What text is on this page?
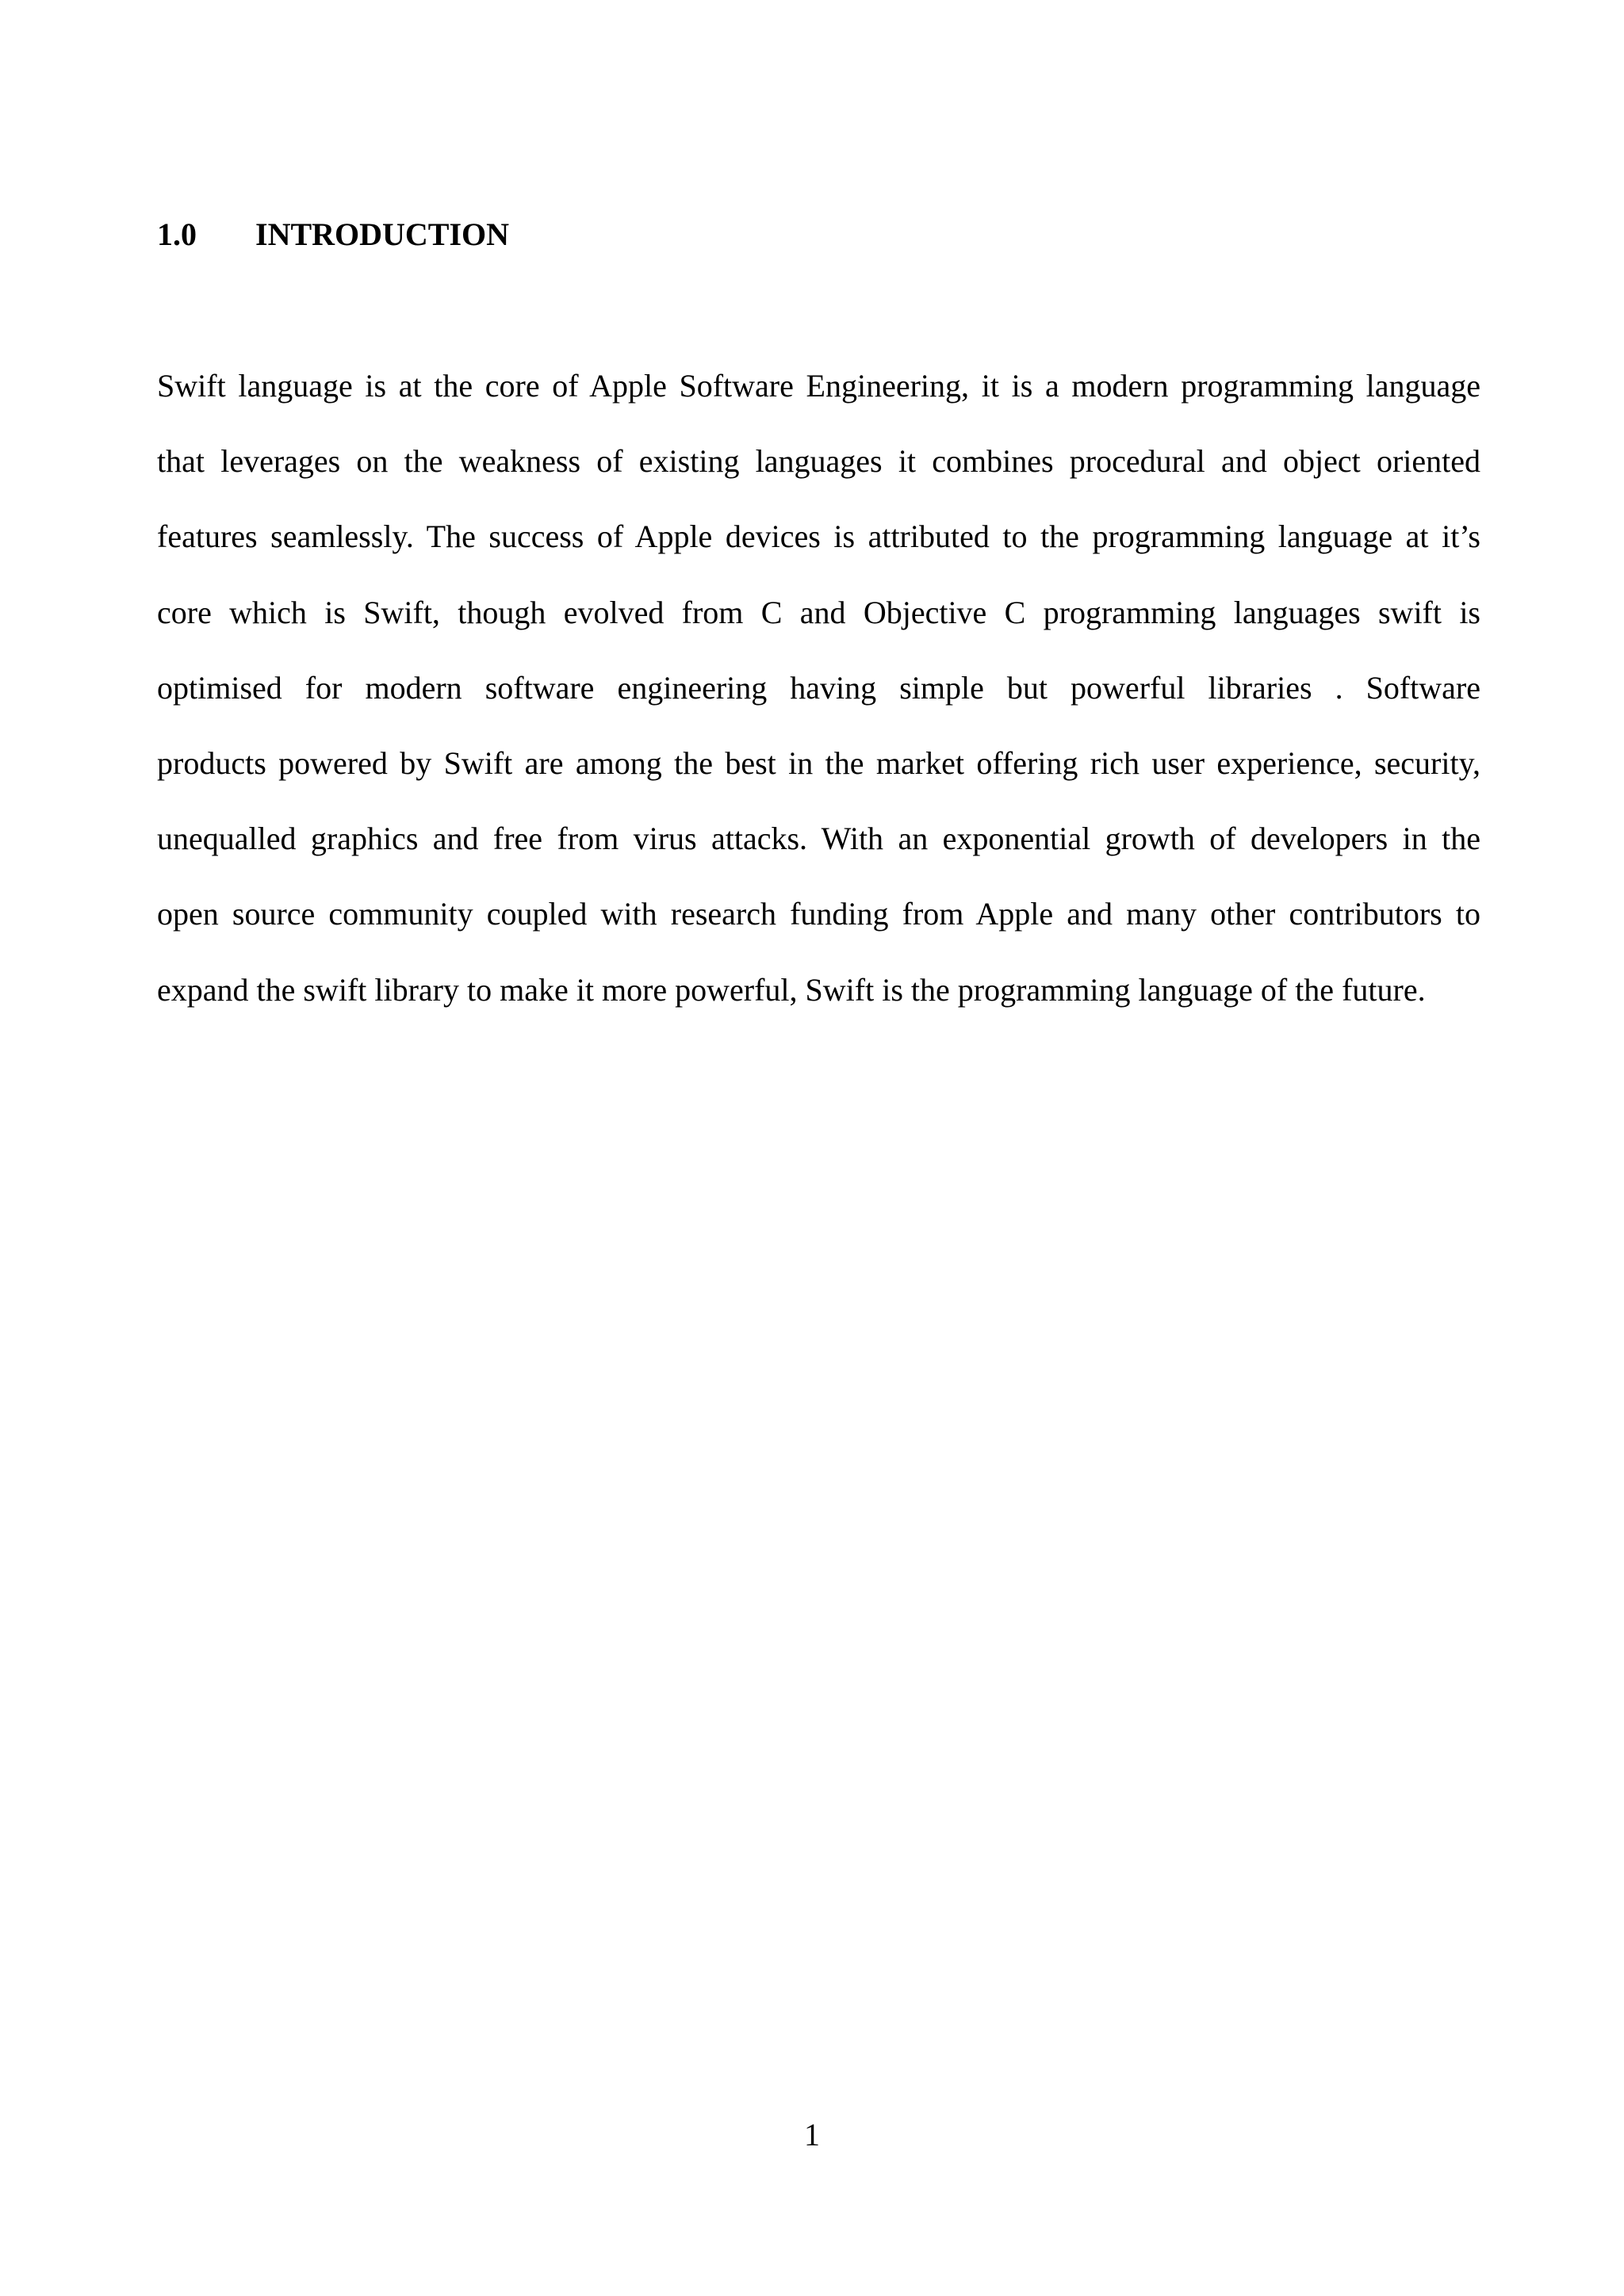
1.0 INTRODUCTION
Swift language is at the core of Apple Software Engineering, it is a modern programming language
that leverages on the weakness of existing languages it combines procedural and object oriented
features seamlessly. The success of Apple devices is attributed to the programming language at it’s
core which is Swift, though evolved from C and Objective C programming languages swift is
optimised for modern software engineering having simple but powerful libraries . Software
products powered by Swift are among the best in the market offering rich user experience, security,
unequalled graphics and free from virus attacks. With an exponential growth of developers in the
open source community coupled with research funding from Apple and many other contributors to
expand the swift library to make it more powerful, Swift is the programming language of the future.
1
